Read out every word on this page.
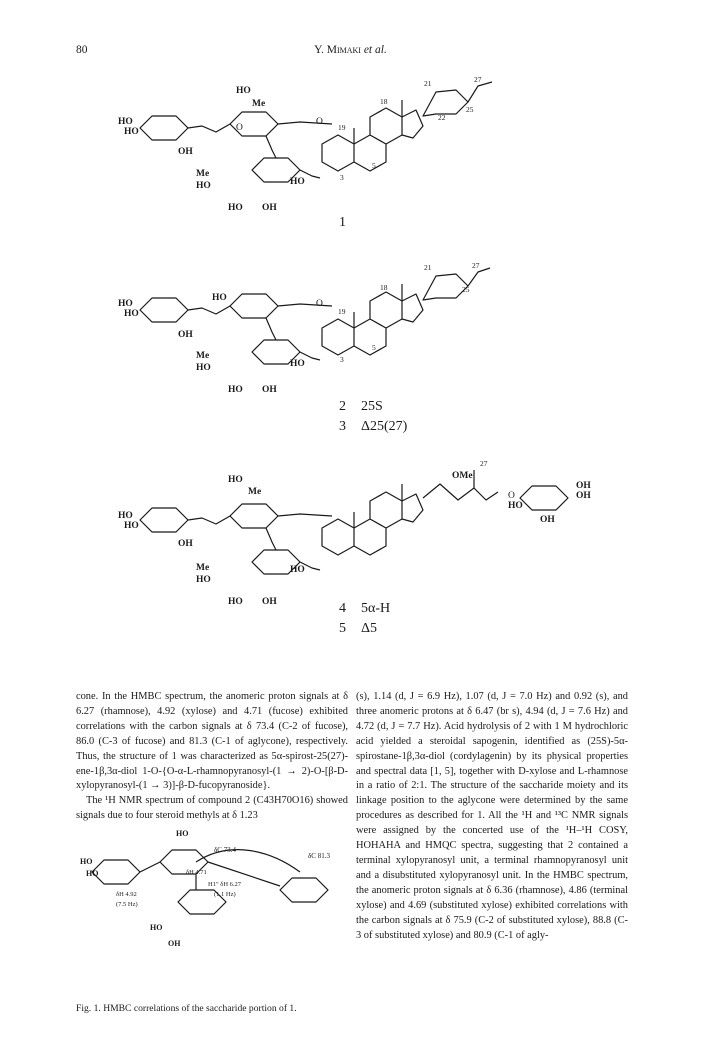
80	Y. Mimaki et al.
HO
Me
HO
HO
OH
O
O
Me
HO
HO OH
HO
19
18
21	27
25
22
5
3
HO
HO
OH
HO
O
Me
HO
HO OH
HO
18
21	27
25
19
5
3
HO
Me
HO
HO
OH
Me
HO
HO OH
HO
OMe
27
O
HO
OH
OH
OH
HO
HO
HO
δC 73.4
δC 81.3
H1″ δH 6.27
(1.1 Hz)
δH 4.92
(7.5 Hz)
δH 4.71
HO
OH
1
2 25S
3 Δ25(27)
4 5α-H
5 Δ5

cone. In the HMBC spectrum, the anomeric proton signals at δ 6.27 (rhamnose), 4.92 (xylose) and 4.71 (fucose) exhibited correlations with the carbon signals at δ 73.4 (C-2 of fucose), 86.0 (C-3 of fucose) and 81.3 (C-1 of aglycone), respectively. Thus, the structure of 1 was characterized as 5α-spirost-25(27)-ene-1β,3α-diol 1-O-{O-α-L-rhamnopyranosyl-(1 → 2)-O-[β-D-xylopyranosyl-(1 → 3)]-β-D-fucopyranoside}.

The ¹H NMR spectrum of compound 2 (C43H70O16) showed signals due to four steroid methyls at δ 1.23

(s), 1.14 (d, J = 6.9 Hz), 1.07 (d, J = 7.0 Hz) and 0.92 (s), and three anomeric protons at δ 6.47 (br s), 4.94 (d, J = 7.6 Hz) and 4.72 (d, J = 7.7 Hz). Acid hydrolysis of 2 with 1 M hydrochloric acid yielded a steroidal sapogenin, identified as (25S)-5α-spirostane-1β,3α-diol (cordylagenin) by its physical properties and spectral data [1, 5], together with D-xylose and L-rhamnose in a ratio of 2:1. The structure of the saccharide moiety and its linkage position to the aglycone were determined by the same procedures as described for 1. All the ¹H and ¹³C NMR signals were assigned by the concerted use of the ¹H–¹H COSY, HOHAHA and HMQC spectra, suggesting that 2 contained a terminal xylopyranosyl unit, a terminal rhamnopyranosyl unit and a disubstituted xylopyranosyl unit. In the HMBC spectrum, the anomeric proton signals at δ 6.36 (rhamnose), 4.86 (terminal xylose) and 4.69 (substituted xylose) exhibited correlations with the carbon signals at δ 75.9 (C-2 of substituted xylose), 88.8 (C-3 of substituted xylose) and 80.9 (C-1 of agly-

Fig. 1. HMBC correlations of the saccharide portion of 1.
